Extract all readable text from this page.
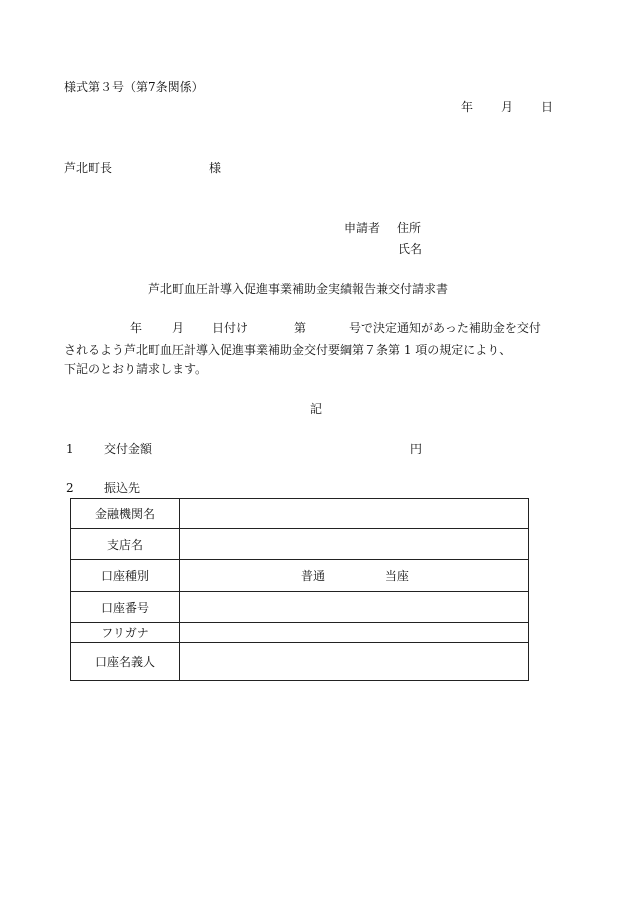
様式第３号（第7条関係）
年 月 日
芦北町長	様
申請者 住所
氏名
芦北町血圧計導入促進事業補助金実績報告兼交付請求書
年 月 日付け	第	号で決定通知があった補助金を交付
されるよう芦北町血圧計導入促進事業補助金交付要綱第７条第 1 項の規定により、
下記のとおり請求します。
記
1	交付金額	円
2	振込先
金融機関名	
支店名	
口座種別	普通 当座
口座番号	
フリガナ	
口座名義人	
